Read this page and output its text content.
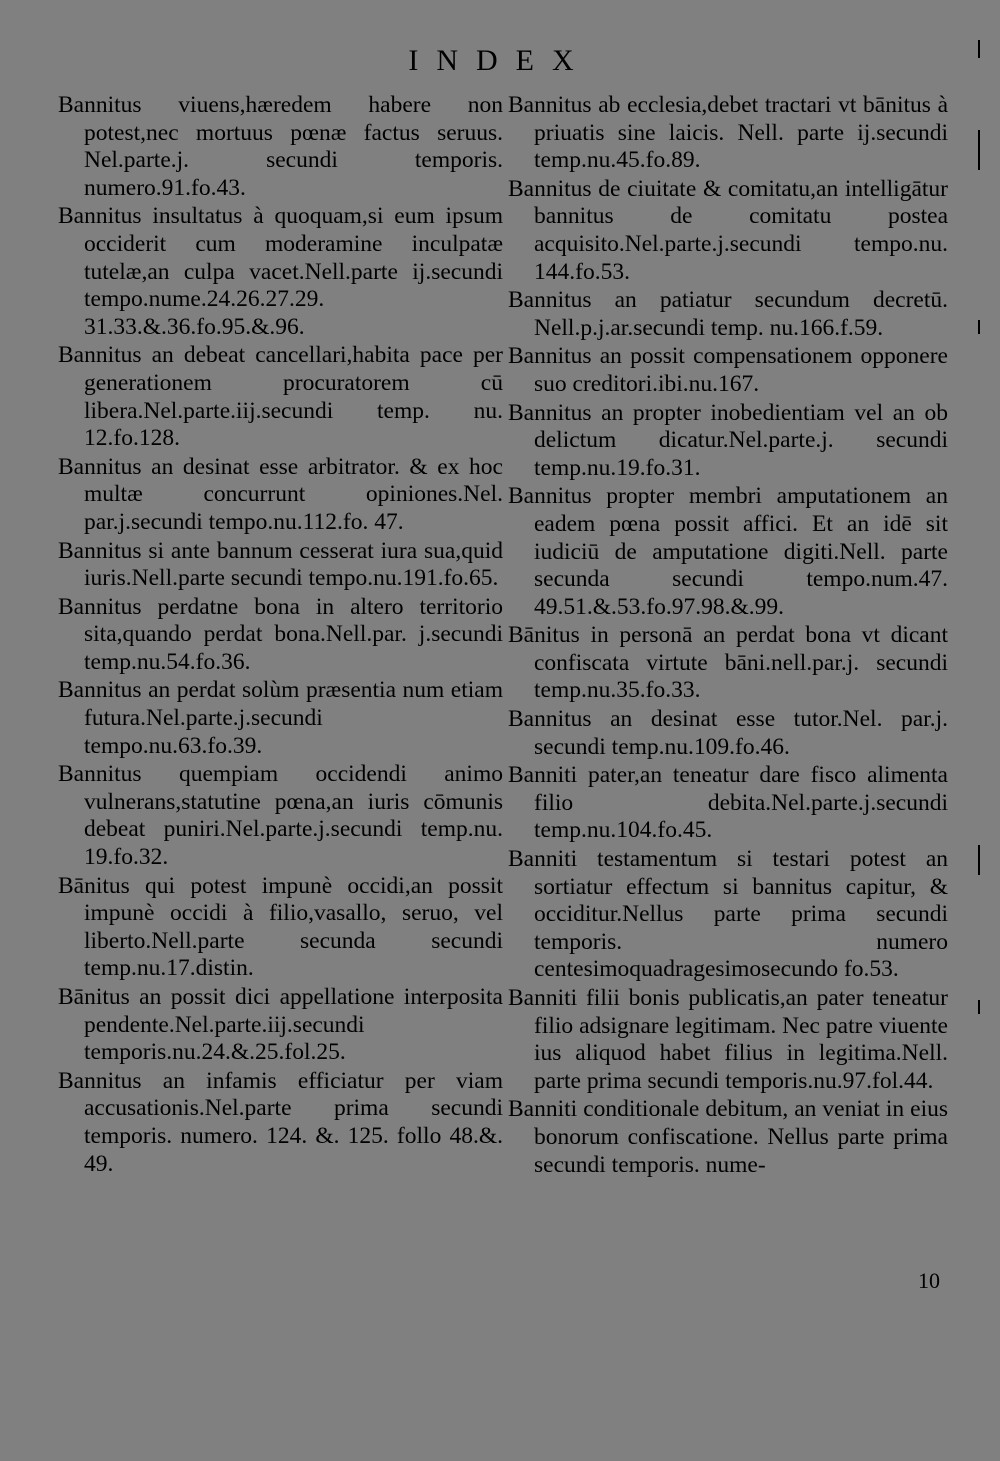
INDEX

Bannitus viuens,hæredem habere non potest,nec mortuus pœnæ factus seruus. Nel.parte.j. secundi temporis. numero.91.fo.43.

Bannitus insultatus à quoquam,si eum ipsum occiderit cum moderamine inculpatæ tutelæ,an culpa vacet.Nell.parte ij.secundi tempo.nume.24.26.27.29. 31.33.&.36.fo.95.&.96.

Bannitus an debeat cancellari,habita pace per generationem procuratorem cū libera.Nel.parte.iij.secundi temp. nu. 12.fo.128.

Bannitus an desinat esse arbitrator. & ex hoc multæ concurrunt opiniones.Nel. par.j.secundi tempo.nu.112.fo. 47.

Bannitus si ante bannum cesserat iura sua,quid iuris.Nell.parte secundi tempo.nu.191.fo.65.

Bannitus perdatne bona in altero territorio sita,quando perdat bona.Nell.par. j.secundi temp.nu.54.fo.36.

Bannitus an perdat solùm præsentia num etiam futura.Nel.parte.j.secundi tempo.nu.63.fo.39.

Bannitus quempiam occidendi animo vulnerans,statutine pœna,an iuris cōmunis debeat puniri.Nel.parte.j.secundi temp.nu. 19.fo.32.

Bānitus qui potest impunè occidi,an possit impunè occidi à filio,vasallo, seruo, vel liberto.Nell.parte secunda secundi temp.nu.17.distin.

Bānitus an possit dici appellatione interposita pendente.Nel.parte.iij.secundi temporis.nu.24.&.25.fol.25.

Bannitus an infamis efficiatur per viam accusationis.Nel.parte prima secundi temporis. numero. 124. &. 125. follo 48.&. 49.

Bannitus ab ecclesia,debet tractari vt bānitus à priuatis sine laicis. Nell. parte ij.secundi temp.nu.45.fo.89.

Bannitus de ciuitate & comitatu,an intelligātur bannitus de comitatu postea acquisito.Nel.parte.j.secundi tempo.nu. 144.fo.53.

Bannitus an patiatur secundum decretū. Nell.p.j.ar.secundi temp. nu.166.f.59.

Bannitus an possit compensationem opponere suo creditori.ibi.nu.167.

Bannitus an propter inobedientiam vel an ob delictum dicatur.Nel.parte.j. secundi temp.nu.19.fo.31.

Bannitus propter membri amputationem an eadem pœna possit affici. Et an idē sit iudiciū de amputatione digiti.Nell. parte secunda secundi tempo.num.47. 49.51.&.53.fo.97.98.&.99.

Bānitus in personā an perdat bona vt dicant confiscata virtute bāni.nell.par.j. secundi temp.nu.35.fo.33.

Bannitus an desinat esse tutor.Nel. par.j. secundi temp.nu.109.fo.46.

Banniti pater,an teneatur dare fisco alimenta filio debita.Nel.parte.j.secundi temp.nu.104.fo.45.

Banniti testamentum si testari potest an sortiatur effectum si bannitus capitur, & occiditur.Nellus parte prima secundi temporis. numero centesimoquadragesimosecundo fo.53.

Banniti filii bonis publicatis,an pater teneatur filio adsignare legitimam. Nec patre viuente ius aliquod habet filius in legitima.Nell. parte prima secundi temporis.nu.97.fol.44.

Banniti conditionale debitum, an veniat in eius bonorum confiscatione. Nellus parte prima secundi temporis. nume-

10
